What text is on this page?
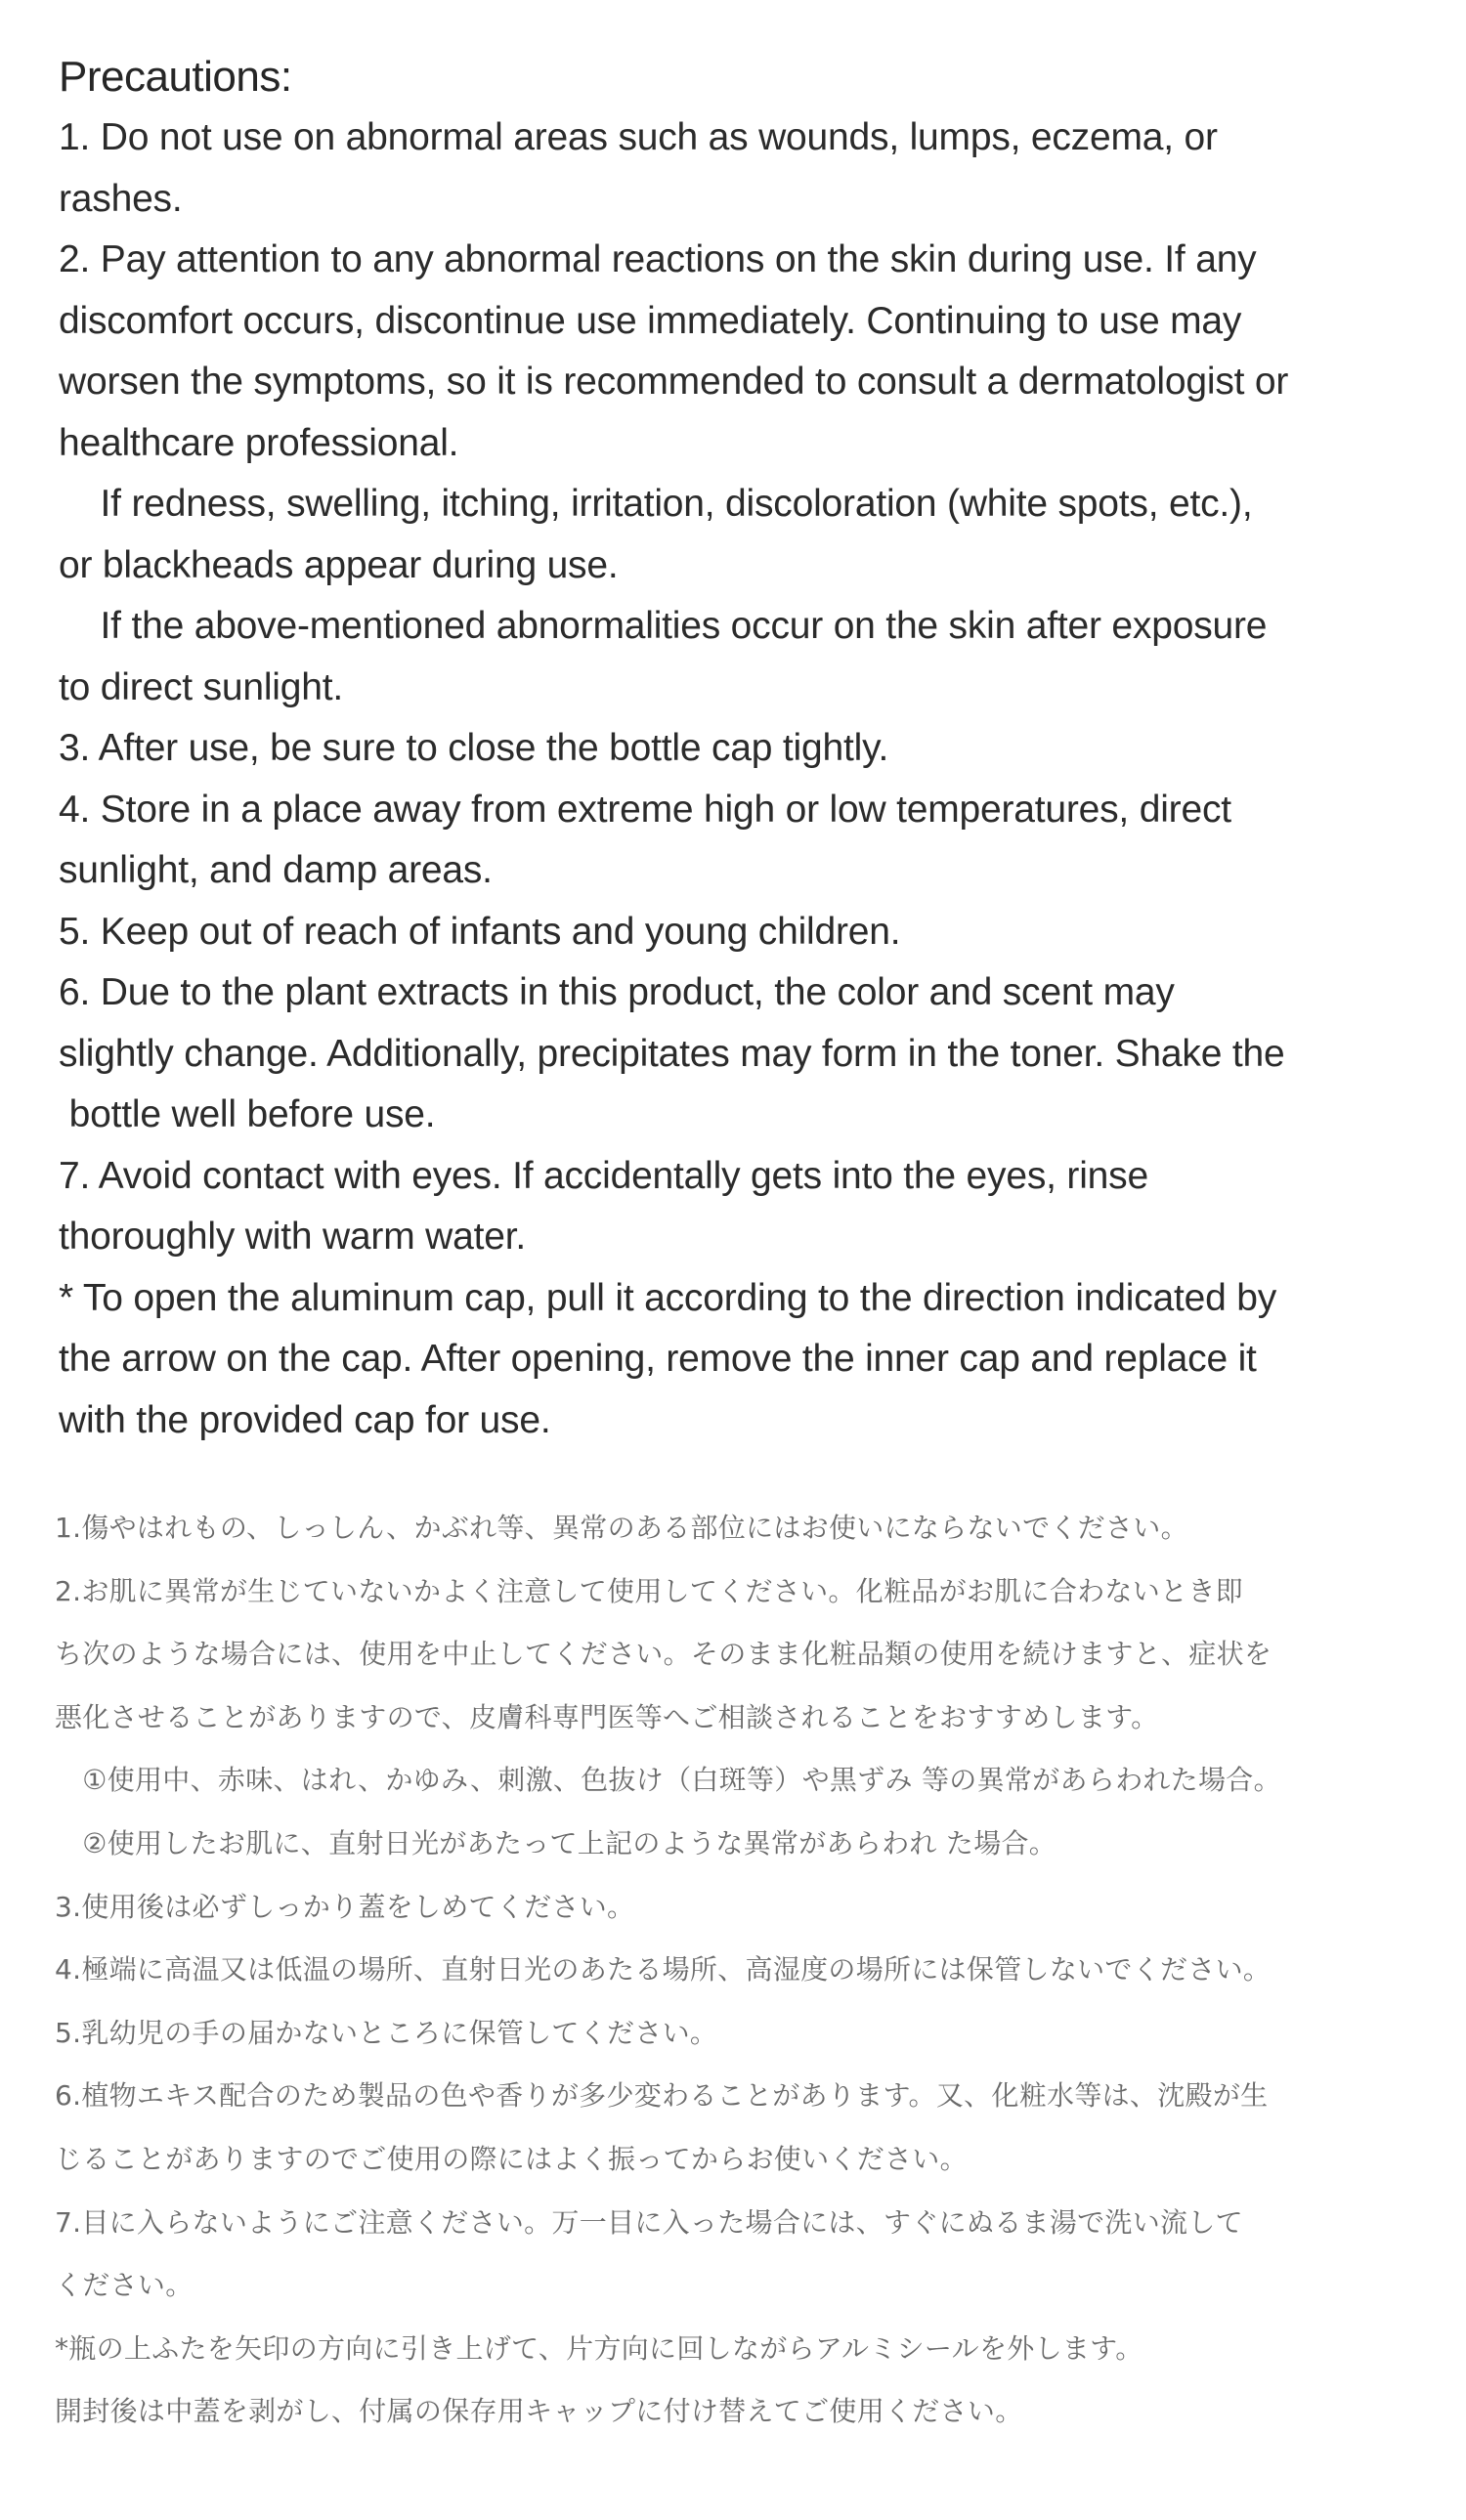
Precautions:

1. Do not use on abnormal areas such as wounds, lumps, eczema, or

rashes.

2. Pay attention to any abnormal reactions on the skin during use. If any

discomfort occurs, discontinue use immediately. Continuing to use may

worsen the symptoms, so it is recommended to consult a dermatologist or

healthcare professional.

If redness, swelling, itching, irritation, discoloration (white spots, etc.),

or blackheads appear during use.

If the above-mentioned abnormalities occur on the skin after exposure

to direct sunlight.

3. After use, be sure to close the bottle cap tightly.

4. Store in a place away from extreme high or low temperatures, direct

sunlight, and damp areas.

5. Keep out of reach of infants and young children.

6. Due to the plant extracts in this product, the color and scent may

slightly change. Additionally, precipitates may form in the toner. Shake the

bottle well before use.

7. Avoid contact with eyes. If accidentally gets into the eyes, rinse

thoroughly with warm water.

* To open the aluminum cap, pull it according to the direction indicated by

the arrow on the cap. After opening, remove the inner cap and replace it

with the provided cap for use.

1.傷やはれもの、しっしん、かぶれ等、異常のある部位にはお使いにならないでください。

2.お肌に異常が生じていないかよく注意して使用してください。化粧品がお肌に合わないとき即

ち次のような場合には、使用を中止してください。そのまま化粧品類の使用を続けますと、症状を

悪化させることがありますので、皮膚科専門医等へご相談されることをおすすめします。

　①使用中、赤味、はれ、かゆみ、刺激、色抜け（白斑等）や黒ずみ 等の異常があらわれた場合。

　②使用したお肌に、直射日光があたって上記のような異常があらわれ た場合。

3.使用後は必ずしっかり蓋をしめてください。

4.極端に高温又は低温の場所、直射日光のあたる場所、高湿度の場所には保管しないでください。

5.乳幼児の手の届かないところに保管してください。

6.植物エキス配合のため製品の色や香りが多少変わることがあります。又、化粧水等は、沈殿が生

じることがありますのでご使用の際にはよく振ってからお使いください。

7.目に入らないようにご注意ください。万一目に入った場合には、すぐにぬるま湯で洗い流して

ください。

*瓶の上ふたを矢印の方向に引き上げて、片方向に回しながらアルミシールを外します。

開封後は中蓋を剥がし、付属の保存用キャップに付け替えてご使用ください。
